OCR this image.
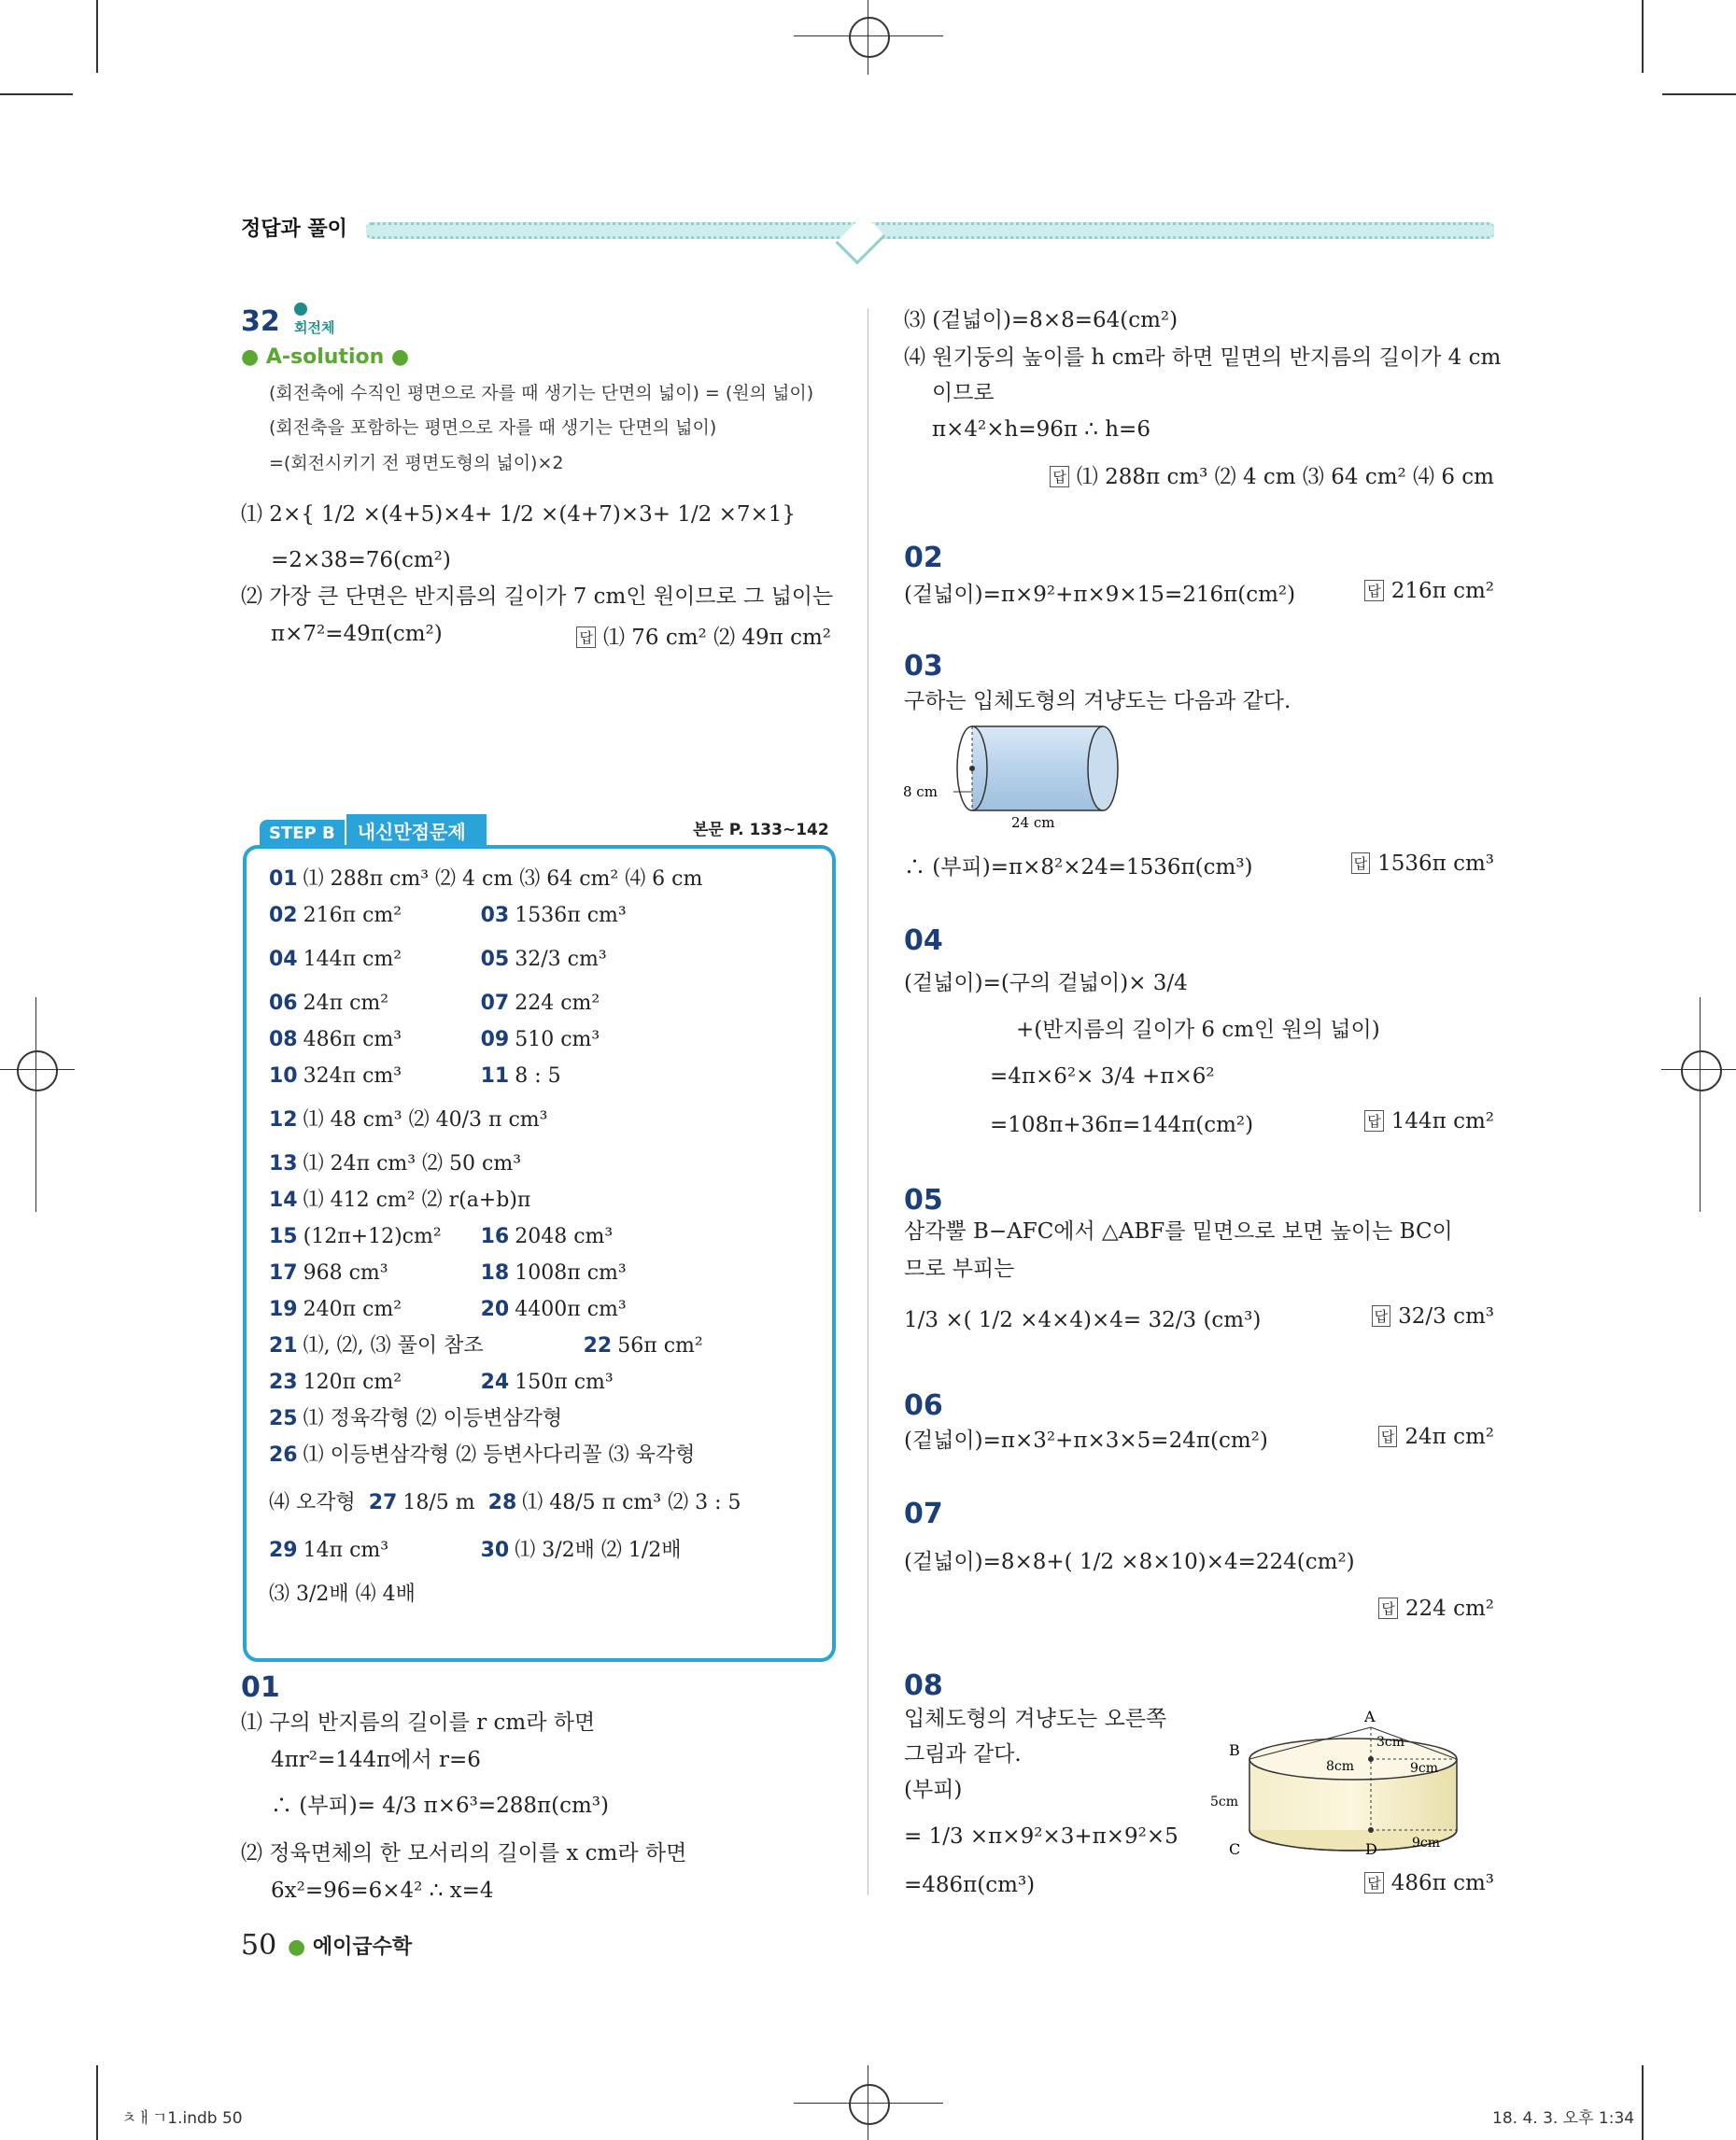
정답과 풀이
32 회전체
● A-solution ●
(회전축에 수직인 평면으로 자를 때 생기는 단면의 넓이) = (원의 넓이)
(회전축을 포함하는 평면으로 자를 때 생기는 단면의 넓이)
=(회전시키기 전 평면도형의 넓이)×2
⑴ 2×{ 1/2 ×(4+5)×4+ 1/2 ×(4+7)×3+ 1/2 ×7×1}
=2×38=76(cm²)
⑵ 가장 큰 단면은 반지름의 길이가 7 cm인 원이므로 그 넓이는
π×7²=49π(cm²)	답 ⑴ 76 cm² ⑵ 49π cm²
STEP B 내신만점문제	본문 P. 133~142
01 ⑴ 288π cm³ ⑵ 4 cm ⑶ 64 cm² ⑷ 6 cm
02 216π cm²	03 1536π cm³
04 144π cm²	05 32/3 cm³
06 24π cm²	07 224 cm²
08 486π cm³	09 510 cm³
10 324π cm³	11 8 : 5
12 ⑴ 48 cm³ ⑵ 40/3 π cm³
13 ⑴ 24π cm³ ⑵ 50 cm³
14 ⑴ 412 cm² ⑵ r(a+b)π
15 (12π+12)cm² 16 2048 cm³
17 968 cm³	18 1008π cm³
19 240π cm²	20 4400π cm³
21 ⑴, ⑵, ⑶ 풀이 참조	22 56π cm²
23 120π cm²	24 150π cm³
25 ⑴ 정육각형 ⑵ 이등변삼각형
26 ⑴ 이등변삼각형 ⑵ 등변사다리꼴 ⑶ 육각형
⑷ 오각형 27 18/5 m 28 ⑴ 48/5 π cm³ ⑵ 3 : 5
29 14π cm³	30 ⑴ 3/2배 ⑵ 1/2배
⑶ 3/2배 ⑷ 4배
01
⑴ 구의 반지름의 길이를 r cm라 하면
4πr²=144π에서 r=6
∴ (부피)= 4/3 π×6³=288π(cm³)
⑵ 정육면체의 한 모서리의 길이를 x cm라 하면
6x²=96=6×4² ∴ x=4
⑶ (겉넓이)=8×8=64(cm²)
⑷ 원기둥의 높이를 h cm라 하면 밑면의 반지름의 길이가 4 cm
이므로
π×4²×h=96π ∴ h=6
답 ⑴ 288π cm³ ⑵ 4 cm ⑶ 64 cm² ⑷ 6 cm
02
(겉넓이)=π×9²+π×9×15=216π(cm²)	답 216π cm²
03
구하는 입체도형의 겨냥도는 다음과 같다.
8 cm
24 cm
∴ (부피)=π×8²×24=1536π(cm³)	답 1536π cm³
04
(겉넓이)=(구의 겉넓이)× 3/4
+(반지름의 길이가 6 cm인 원의 넓이)
=4π×6²× 3/4 +π×6²
=108π+36π=144π(cm²)	답 144π cm²
05
삼각뿔 B−AFC에서 △ABF를 밑면으로 보면 높이는 BC이
므로 부피는
1/3 ×( 1/2 ×4×4)×4= 32/3 (cm³)	답 32/3 cm³
06
(겉넓이)=π×3²+π×3×5=24π(cm²)	답 24π cm²
07
(겉넓이)=8×8+( 1/2 ×8×10)×4=224(cm²)
답 224 cm²
08
입체도형의 겨냥도는 오른쪽
그림과 같다.
(부피)
= 1/3 ×π×9²×3+π×9²×5
=486π(cm³)
A
B
C	D
3cm
8cm	9cm
5cm
9cm
답 486π cm³
50 ● 에이급수학
ㅊㅐㄱ1.indb 50	18. 4. 3. 오후 1:34
